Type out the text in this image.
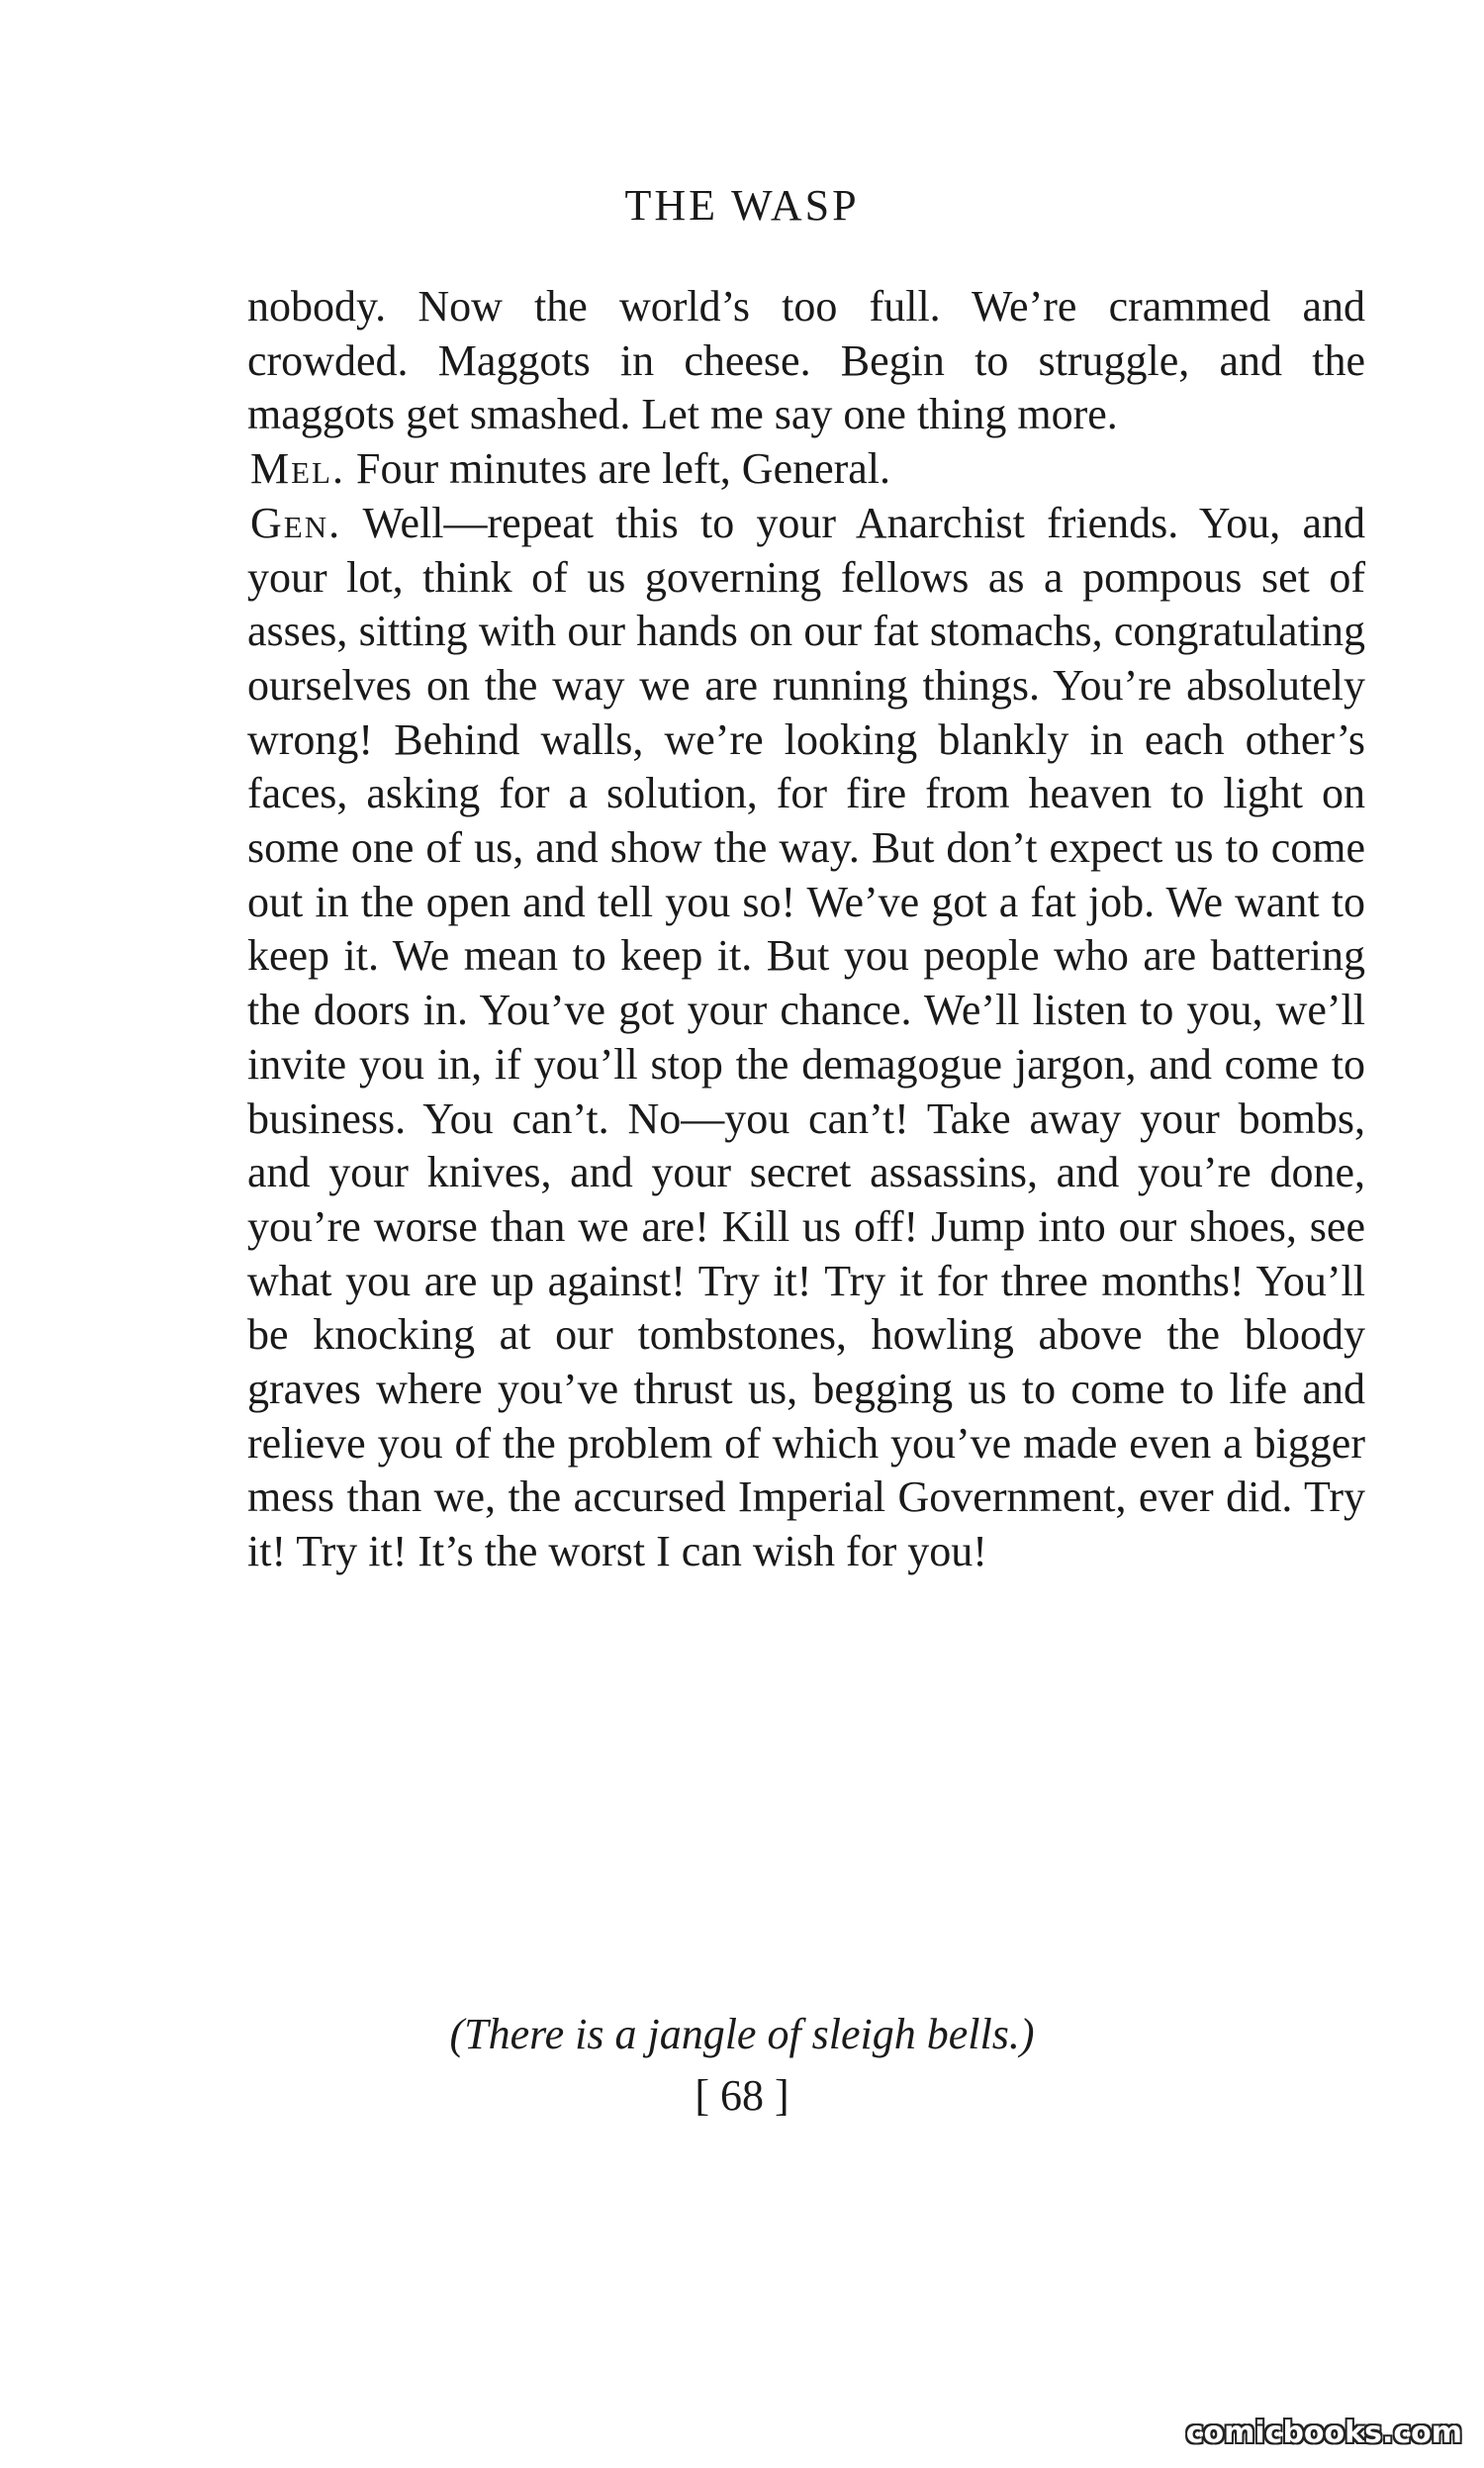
THE WASP

nobody. Now the world’s too full. We’re crammed and crowded. Maggots in cheese. Begin to struggle, and the maggots get smashed. Let me say one thing more.

Mel. Four minutes are left, General.

Gen. Well—repeat this to your Anarchist friends. You, and your lot, think of us governing fellows as a pompous set of asses, sitting with our hands on our fat stomachs, congratulating ourselves on the way we are running things. You’re absolutely wrong! Behind walls, we’re looking blankly in each other’s faces, asking for a solution, for fire from heaven to light on some one of us, and show the way. But don’t expect us to come out in the open and tell you so! We’ve got a fat job. We want to keep it. We mean to keep it. But you people who are battering the doors in. You’ve got your chance. We’ll listen to you, we’ll invite you in, if you’ll stop the demagogue jargon, and come to business. You can’t. No—you can’t! Take away your bombs, and your knives, and your secret assassins, and you’re done, you’re worse than we are! Kill us off! Jump into our shoes, see what you are up against! Try it! Try it for three months! You’ll be knocking at our tombstones, howling above the bloody graves where you’ve thrust us, begging us to come to life and relieve you of the problem of which you’ve made even a bigger mess than we, the accursed Imperial Government, ever did. Try it! Try it! It’s the worst I can wish for you!

(There is a jangle of sleigh bells.)

[ 68 ]

comicbooks.com
